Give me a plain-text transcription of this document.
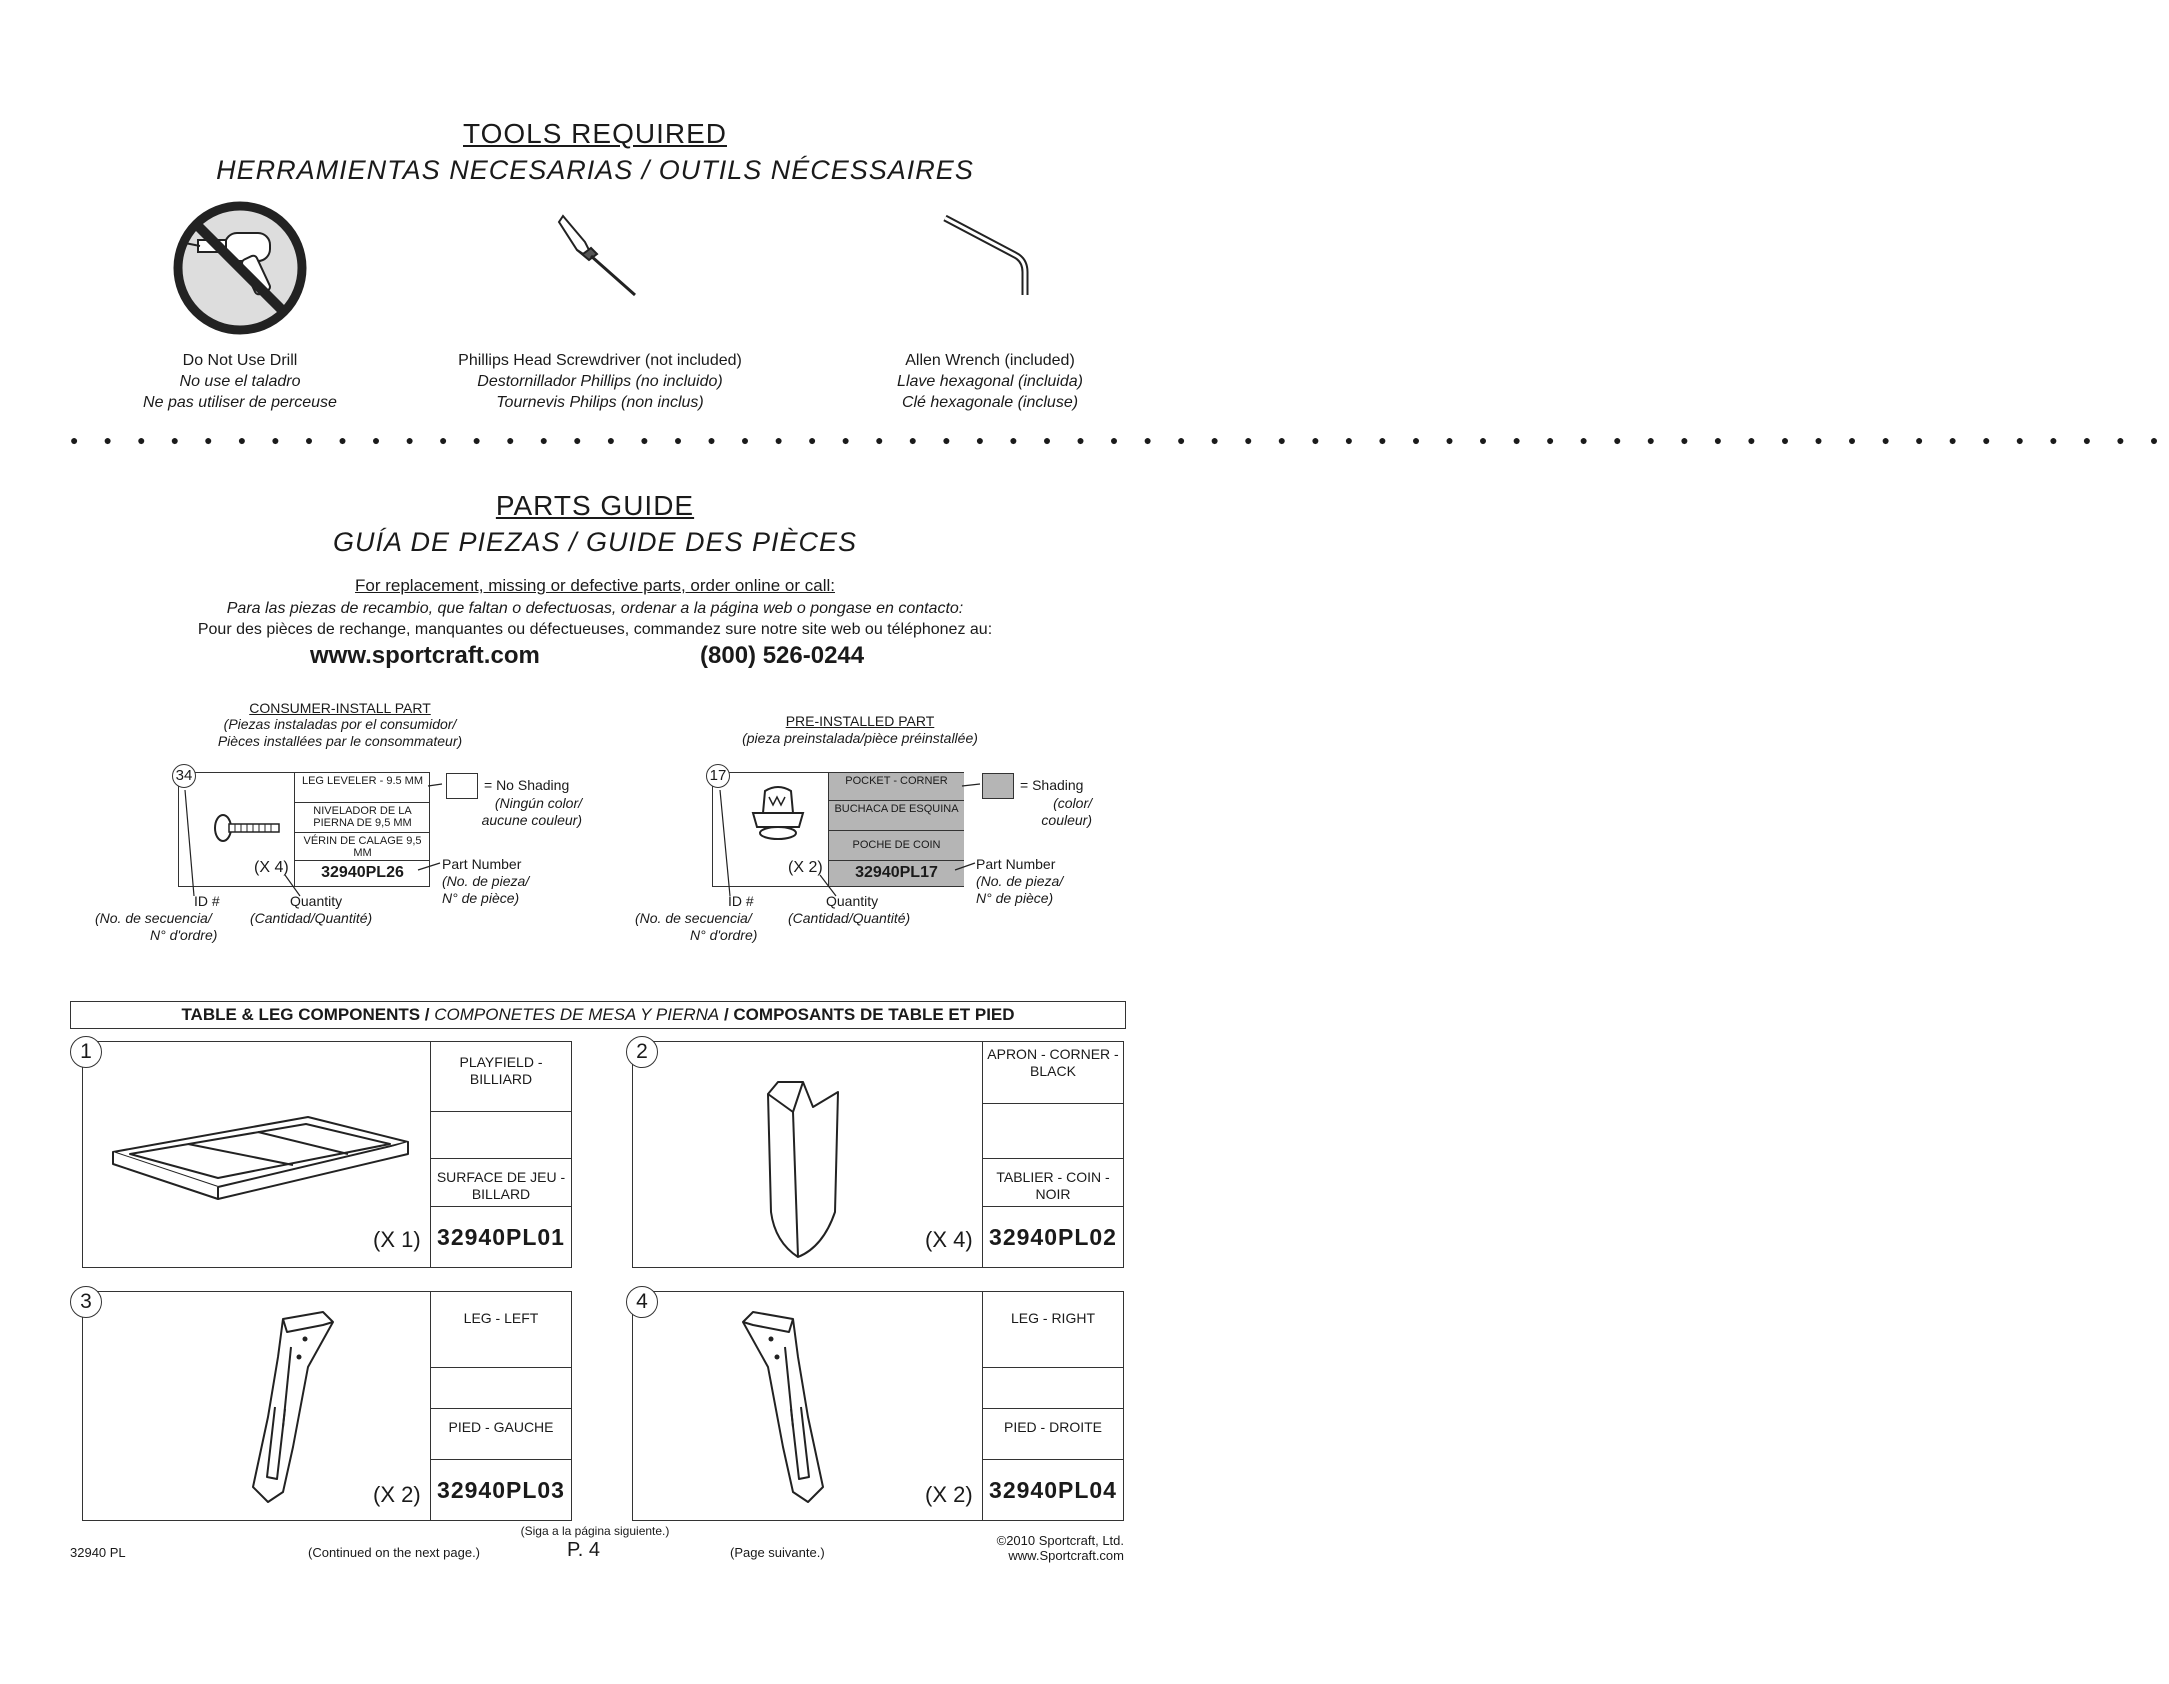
TOOLS REQUIRED
HERRAMIENTAS NECESARIAS / OUTILS NÉCESSAIRES
Do Not Use Drill
No use el taladro
Ne pas utiliser de perceuse
Phillips Head Screwdriver (not included)
Destornillador Phillips (no incluido)
Tournevis Philips (non inclus)
Allen Wrench (included)
Llave hexagonal (incluida)
Clé hexagonale (incluse)
● ● ● ● ● ● ● ● ● ● ● ● ● ● ● ● ● ● ● ● ● ● ● ● ● ● ● ● ● ● ● ● ● ● ● ● ● ● ● ● ● ● ● ● ● ● ● ● ● ● ● ● ● ● ● ● ● ● ● ● ● ● ●
PARTS GUIDE
GUÍA DE PIEZAS / GUIDE DES PIÈCES
For replacement, missing or defective parts, order online or call:
Para las piezas de recambio, que faltan o defectuosas, ordenar a la página web o pongase en contacto:
Pour des pièces de rechange, manquantes ou défectueuses, commandez sure notre site web ou téléphonez au:
www.sportcraft.com	(800) 526-0244
CONSUMER-INSTALL PART
(Piezas instaladas por el consumidor/
Pièces installées par le consommateur)
LEG LEVELER - 9.5 MM
NIVELADOR DE LA PIERNA DE 9,5 MM
VÉRIN DE CALAGE 9,5 MM
32940PL26
(X 4)
34
= No Shading
(Ningún color/
aucune couleur)
Part Number
(No. de pieza/
N° de pièce)
ID #
(No. de secuencia/
N° d'ordre)
Quantity
(Cantidad/Quantité)
PRE-INSTALLED PART
(pieza preinstalada/pièce préinstallée)
POCKET - CORNER
BUCHACA DE ESQUINA
POCHE DE COIN
32940PL17
(X 2)
17
= Shading
(color/
couleur)
Part Number
(No. de pieza/
N° de pièce)
ID #
(No. de secuencia/
N° d'ordre)
Quantity
(Cantidad/Quantité)
TABLE & LEG COMPONENTS / COMPONETES DE MESA Y PIERNA / COMPOSANTS DE TABLE ET PIED
(X 1)
PLAYFIELD - BILLIARD
SURFACE DE JEU - BILLARD
32940PL01
1
(X 4)
APRON - CORNER - BLACK
TABLIER - COIN - NOIR
32940PL02
2
(X 2)
LEG - LEFT
PIED - GAUCHE
32940PL03
3
(X 2)
LEG - RIGHT
PIED - DROITE
32940PL04
4
(Siga a la página siguiente.)
32940 PL	(Continued on the next page.)	P. 4	(Page suivante.)
©2010 Sportcraft, Ltd.
www.Sportcraft.com
